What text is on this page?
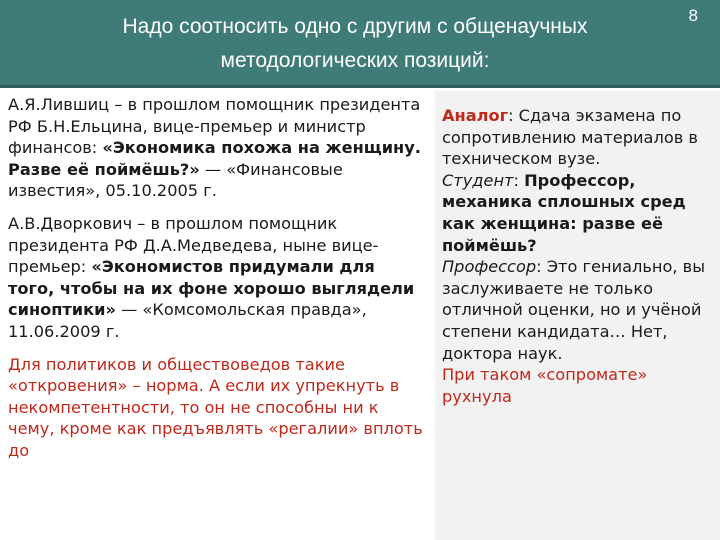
Надо соотносить одно с другим с общенаучных методологических позиций:
8

А.Я.Лившиц – в прошлом помощник президента РФ Б.Н.Ельцина, вице-премьер и министр финансов: «Экономика похожа на женщину. Разве её поймёшь?» — «Финансовые известия», 05.10.2005 г.

А.В.Дворкович – в прошлом помощник президента РФ Д.А.Медведева, ныне вице-премьер: «Экономистов придумали для того, чтобы на их фоне хорошо выглядели синоптики» — «Комсомольская правда», 11.06.2009 г.

Для политиков и обществоведов такие «откровения» – норма. А если их упрекнуть в некомпетентности, то он не способны ни к чему, кроме как предъявлять «регалии» вплоть до

Аналог: Сдача экзамена по сопротивлению материалов в техническом вузе.
Студент: Профессор, механика сплошных сред как женщина: разве её поймёшь?
Профессор: Это гениально, вы заслуживаете не только отличной оценки, но и учёной степени кандидата… Нет, доктора наук.
При таком «сопромате» рухнула
